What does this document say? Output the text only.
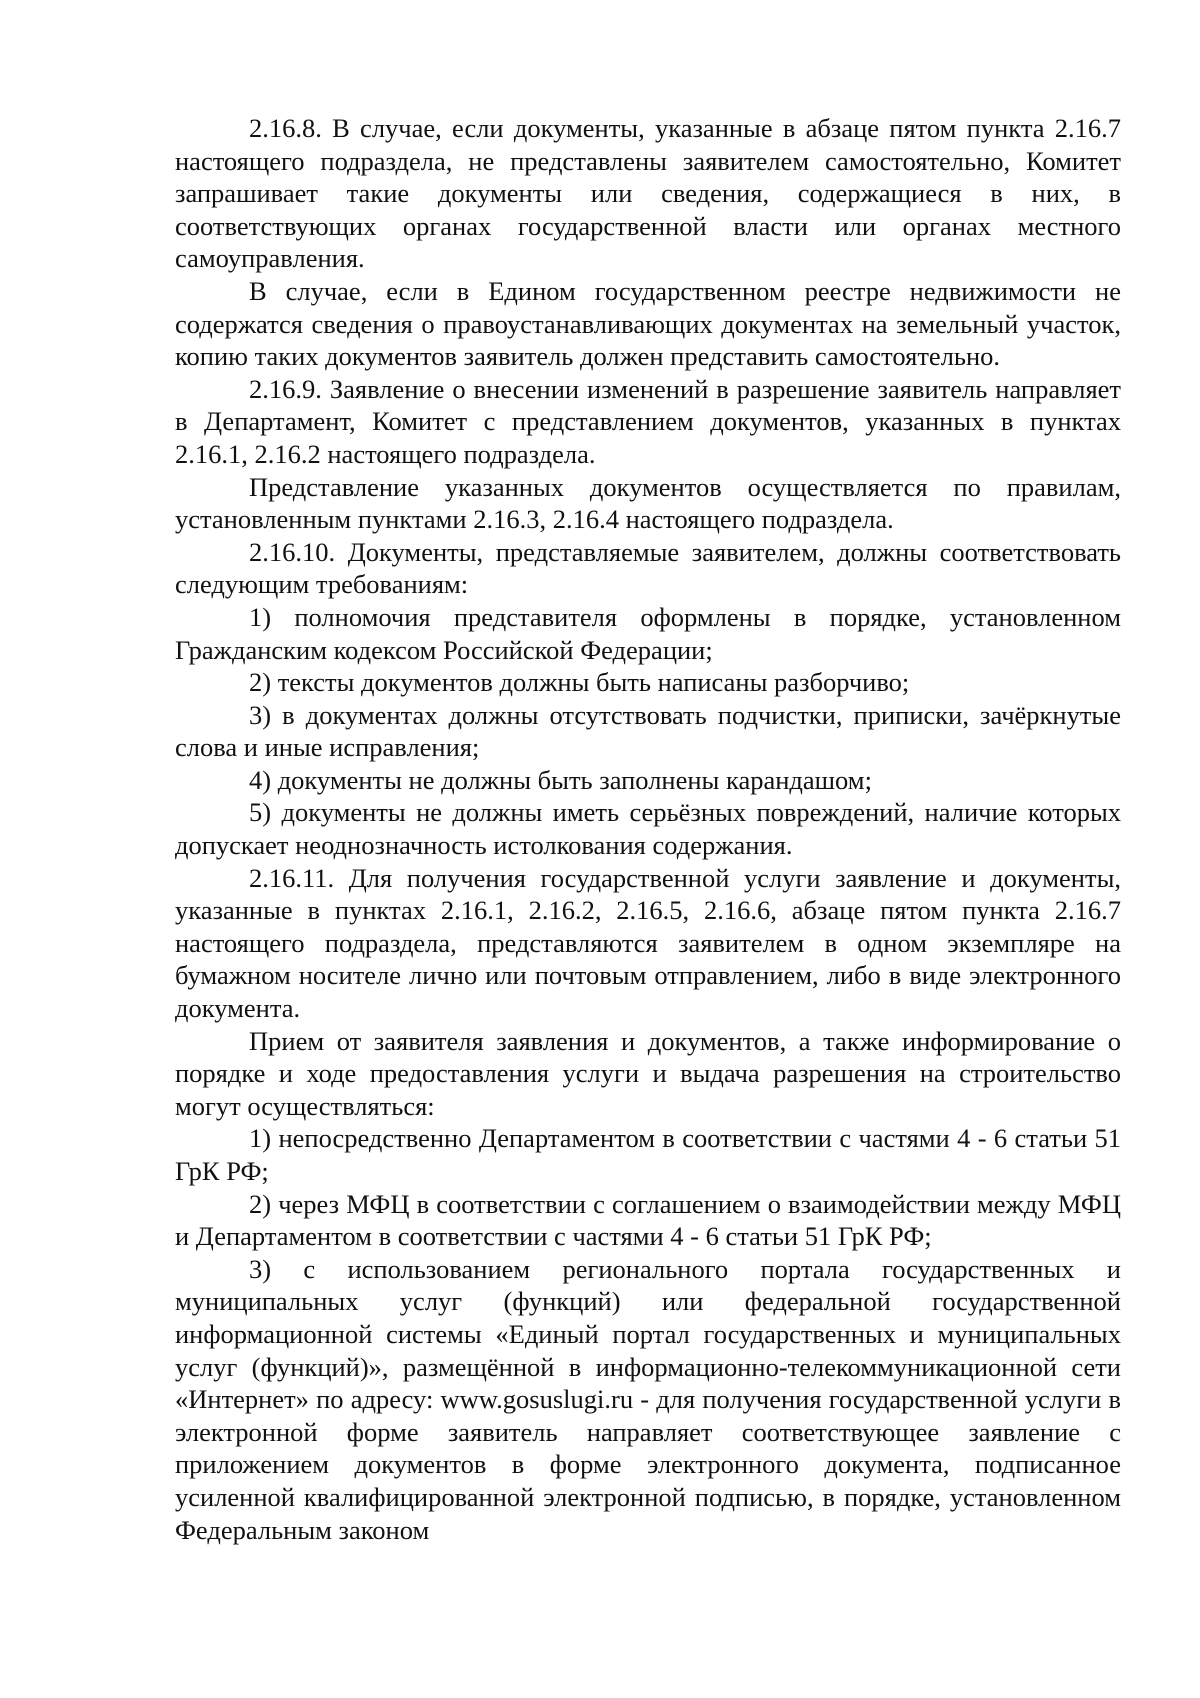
2.16.8. В случае, если документы, указанные в абзаце пятом пункта 2.16.7 настоящего подраздела, не представлены заявителем самостоятельно, Комитет запрашивает такие документы или сведения, содержащиеся в них, в соответствующих органах государственной власти или органах местного самоуправления.

В случае, если в Едином государственном реестре недвижимости не содержатся сведения о правоустанавливающих документах на земельный участок, копию таких документов заявитель должен представить самостоятельно.

2.16.9. Заявление о внесении изменений в разрешение заявитель направляет в Департамент, Комитет с представлением документов, указанных в пунктах 2.16.1, 2.16.2 настоящего подраздела.

Представление указанных документов осуществляется по правилам, установленным пунктами 2.16.3, 2.16.4 настоящего подраздела.

2.16.10. Документы, представляемые заявителем, должны соответствовать следующим требованиям:

1) полномочия представителя оформлены в порядке, установленном Гражданским кодексом Российской Федерации;

2) тексты документов должны быть написаны разборчиво;

3) в документах должны отсутствовать подчистки, приписки, зачёркнутые слова и иные исправления;

4) документы не должны быть заполнены карандашом;

5) документы не должны иметь серьёзных повреждений, наличие которых допускает неоднозначность истолкования содержания.

2.16.11. Для получения государственной услуги заявление и документы, указанные в пунктах 2.16.1, 2.16.2, 2.16.5, 2.16.6, абзаце пятом пункта 2.16.7 настоящего подраздела, представляются заявителем в одном экземпляре на бумажном носителе лично или почтовым отправлением, либо в виде электронного документа.

Прием от заявителя заявления и документов, а также информирование о порядке и ходе предоставления услуги и выдача разрешения на строительство могут осуществляться:

1) непосредственно Департаментом в соответствии с частями 4 - 6 статьи 51 ГрК РФ;

2) через МФЦ в соответствии с соглашением о взаимодействии между МФЦ и Департаментом в соответствии с частями 4 - 6 статьи 51 ГрК РФ;

3) с использованием регионального портала государственных и муниципальных услуг (функций) или федеральной государственной информационной системы «Единый портал государственных и муниципальных услуг (функций)», размещённой в информационно-телекоммуникационной сети «Интернет» по адресу: www.gosuslugi.ru - для получения государственной услуги в электронной форме заявитель направляет соответствующее заявление с приложением документов в форме электронного документа, подписанное усиленной квалифицированной электронной подписью, в порядке, установленном Федеральным законом
